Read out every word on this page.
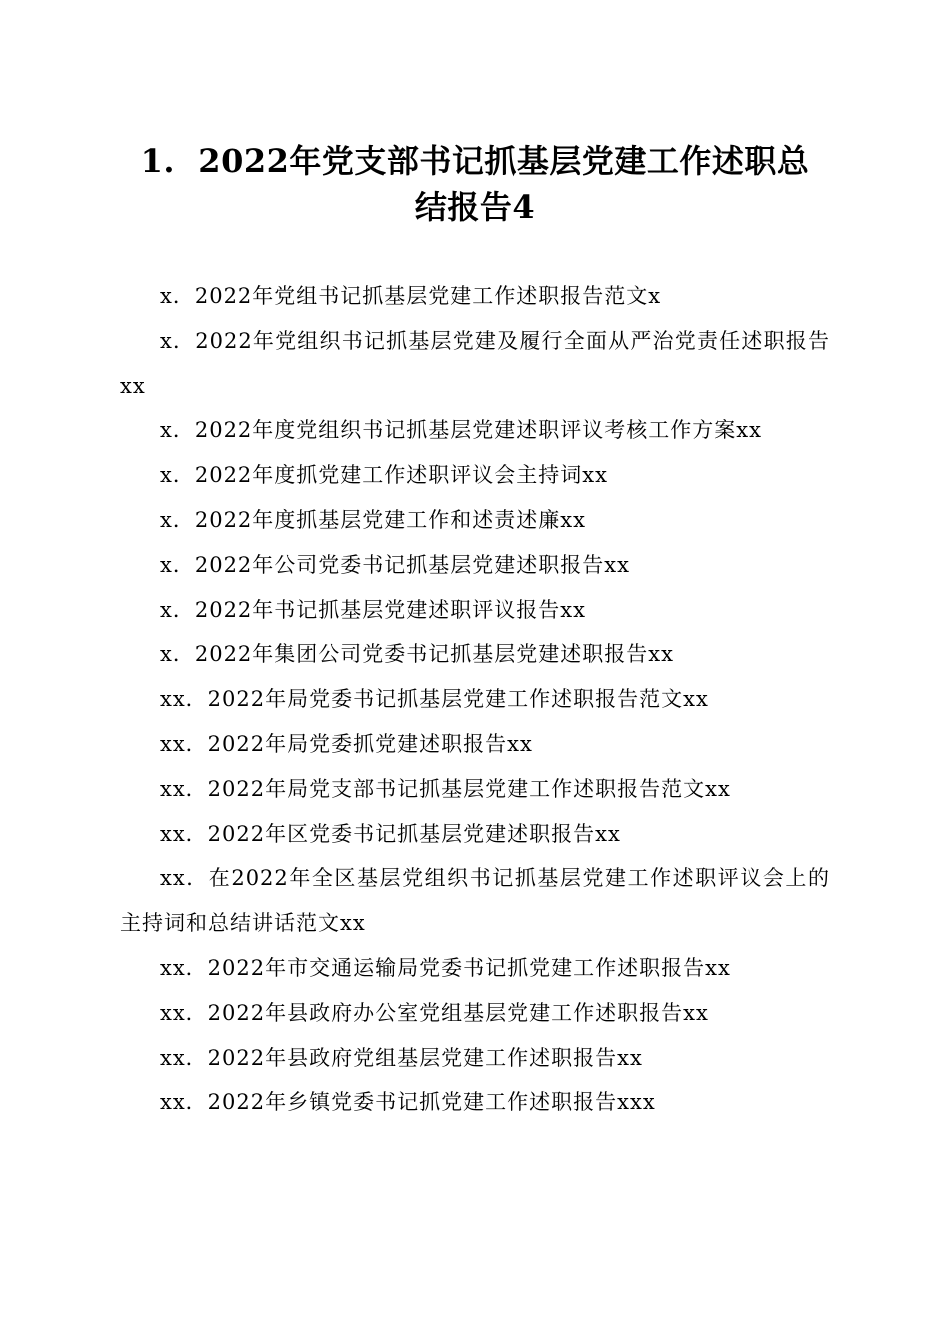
1.  2022年党支部书记抓基层党建工作述职总
结报告4
x．2022年党组书记抓基层党建工作述职报告范文x
x．2022年党组织书记抓基层党建及履行全面从严治党责任述职报告xx
x．2022年度党组织书记抓基层党建述职评议考核工作方案xx
x．2022年度抓党建工作述职评议会主持词xx
x．2022年度抓基层党建工作和述责述廉xx
x．2022年公司党委书记抓基层党建述职报告xx
x．2022年书记抓基层党建述职评议报告xx
x．2022年集团公司党委书记抓基层党建述职报告xx
xx．2022年局党委书记抓基层党建工作述职报告范文xx
xx．2022年局党委抓党建述职报告xx
xx．2022年局党支部书记抓基层党建工作述职报告范文xx
xx．2022年区党委书记抓基层党建述职报告xx
xx．在2022年全区基层党组织书记抓基层党建工作述职评议会上的主持词和总结讲话范文xx
xx．2022年市交通运输局党委书记抓党建工作述职报告xx
xx．2022年县政府办公室党组基层党建工作述职报告xx
xx．2022年县政府党组基层党建工作述职报告xx
xx．2022年乡镇党委书记抓党建工作述职报告xxx
